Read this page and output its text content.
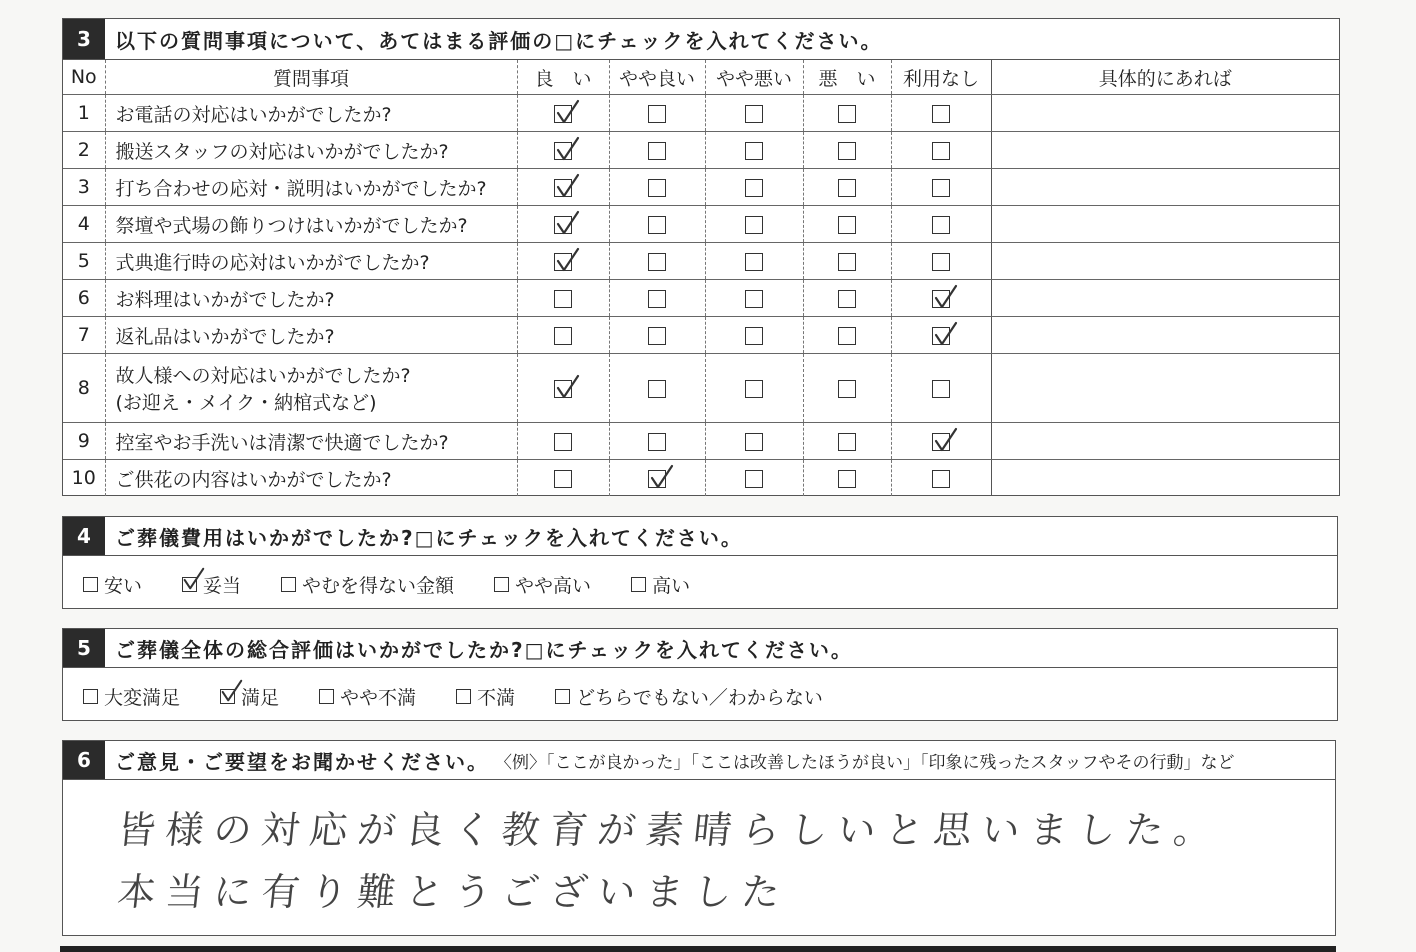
3	以下の質問事項について、あてはまる評価の□にチェックを入れてください。
No	質問事項	良　い	やや良い	やや悪い	悪　い	利用なし	具体的にあれば
1	お電話の対応はいかがでしたか?	

2	搬送スタッフの対応はいかがでしたか?	

3	打ち合わせの応対・説明はいかがでしたか?	

4	祭壇や式場の飾りつけはいかがでしたか?	

5	式典進行時の応対はいかがでしたか?	

6	お料理はいかがでしたか?					

7	返礼品はいかがでしたか?					

8	故人様への対応はいかがでしたか?
(お迎え・メイク・納棺式など)

9	控室やお手洗いは清潔で快適でしたか?					

10	ご供花の内容はいかがでしたか?		

4	ご葬儀費用はいかがでしたか?□にチェックを入れてください。
安い	妥当	やむを得ない金額	やや高い	高い
5	ご葬儀全体の総合評価はいかがでしたか?□にチェックを入れてください。
大変満足	満足	やや不満	不満	どちらでもない／わからない
6	ご意見・ご要望をお聞かせください。 〈例〉「ここが良かった」「ここは改善したほうが良い」「印象に残ったスタッフやその行動」など
皆様の対応が良く教育が素晴らしいと思いました。
本当に有り難とうございました
